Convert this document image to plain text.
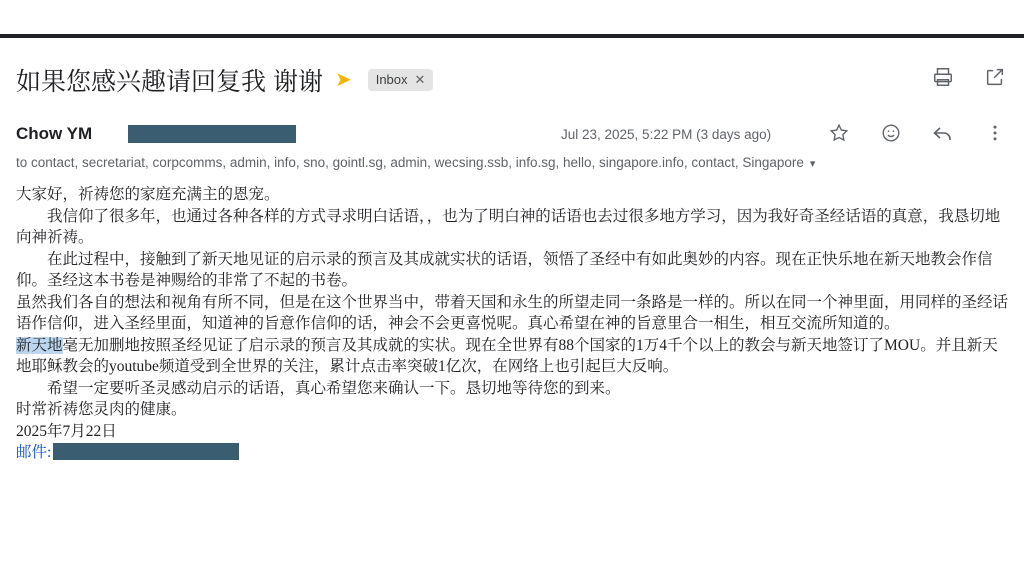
如果您感兴趣请回复我 谢谢 ➤ Inbox ✕
Chow YM	Jul 23, 2025, 5:22 PM (3 days ago)
to contact, secretariat, corpcomms, admin, info, sno, gointl.sg, admin, wecsing.ssb, info.sg, hello, singapore.info, contact, Singapore ▾

大家好，祈祷您的家庭充满主的恩宠。

我信仰了很多年，也通过各种各样的方式寻求明白话语，，也为了明白神的话语也去过很多地方学习，因为我好奇圣经话语的真意，我恳切地向神祈祷。

在此过程中，接触到了新天地见证的启示录的预言及其成就实状的话语，领悟了圣经中有如此奥妙的内容。现在正快乐地在新天地教会作信仰。圣经这本书卷是神赐给的非常了不起的书卷。

虽然我们各自的想法和视角有所不同，但是在这个世界当中，带着天国和永生的所望走同一条路是一样的。所以在同一个神里面，用同样的圣经话语作信仰，进入圣经里面，知道神的旨意作信仰的话，神会不会更喜悦呢。真心希望在神的旨意里合一相生，相互交流所知道的。

新天地毫无加删地按照圣经见证了启示录的预言及其成就的实状。现在全世界有88个国家的1万4千个以上的教会与新天地签订了MOU。并且新天地耶稣教会的youtube频道受到全世界的关注，累计点击率突破1亿次，在网络上也引起巨大反响。

希望一定要听圣灵感动启示的话语，真心希望您来确认一下。恳切地等待您的到来。

时常祈祷您灵肉的健康。

2025年7月22日

邮件:
